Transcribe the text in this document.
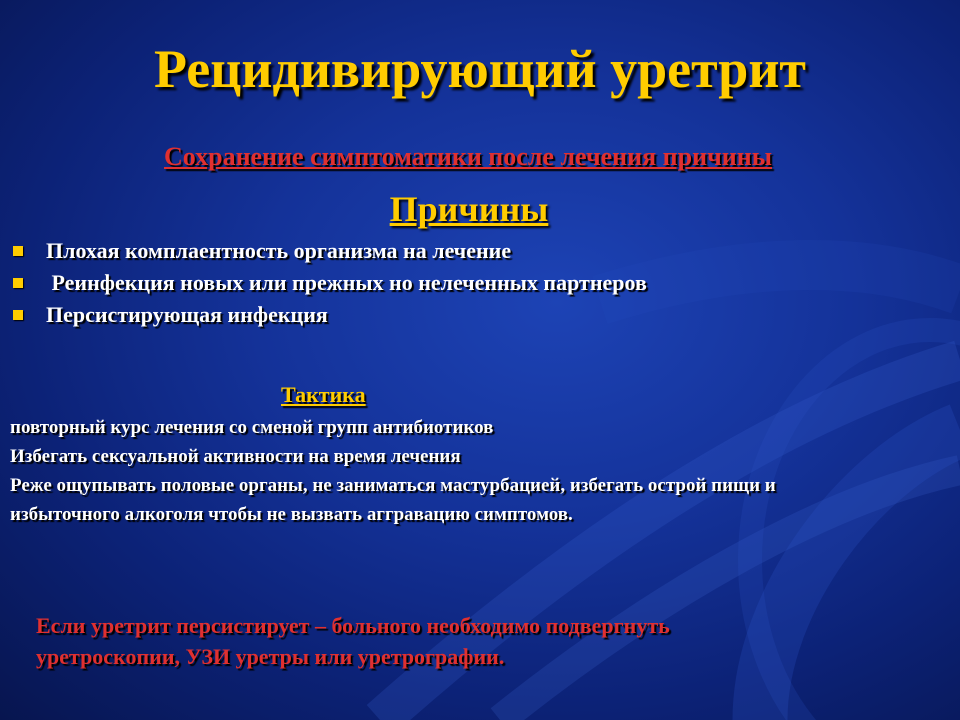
Рецидивирующий уретрит
Сохранение симптоматики после лечения причины
Причины
Плохая комплаентность организма на лечение
Реинфекция новых или прежных но нелеченных партнеров
Персистирующая инфекция
Тактика
повторный курс лечения со сменой групп антибиотиков
Избегать сексуальной активности на время лечения
Реже ощупывать половые органы, не заниматься мастурбацией, избегать острой пищи и
избыточного алкоголя чтобы не вызвать аггравацию симптомов.
Если уретрит персистирует – больного необходимо подвергнуть
уретроскопии, УЗИ уретры или уретрографии.
